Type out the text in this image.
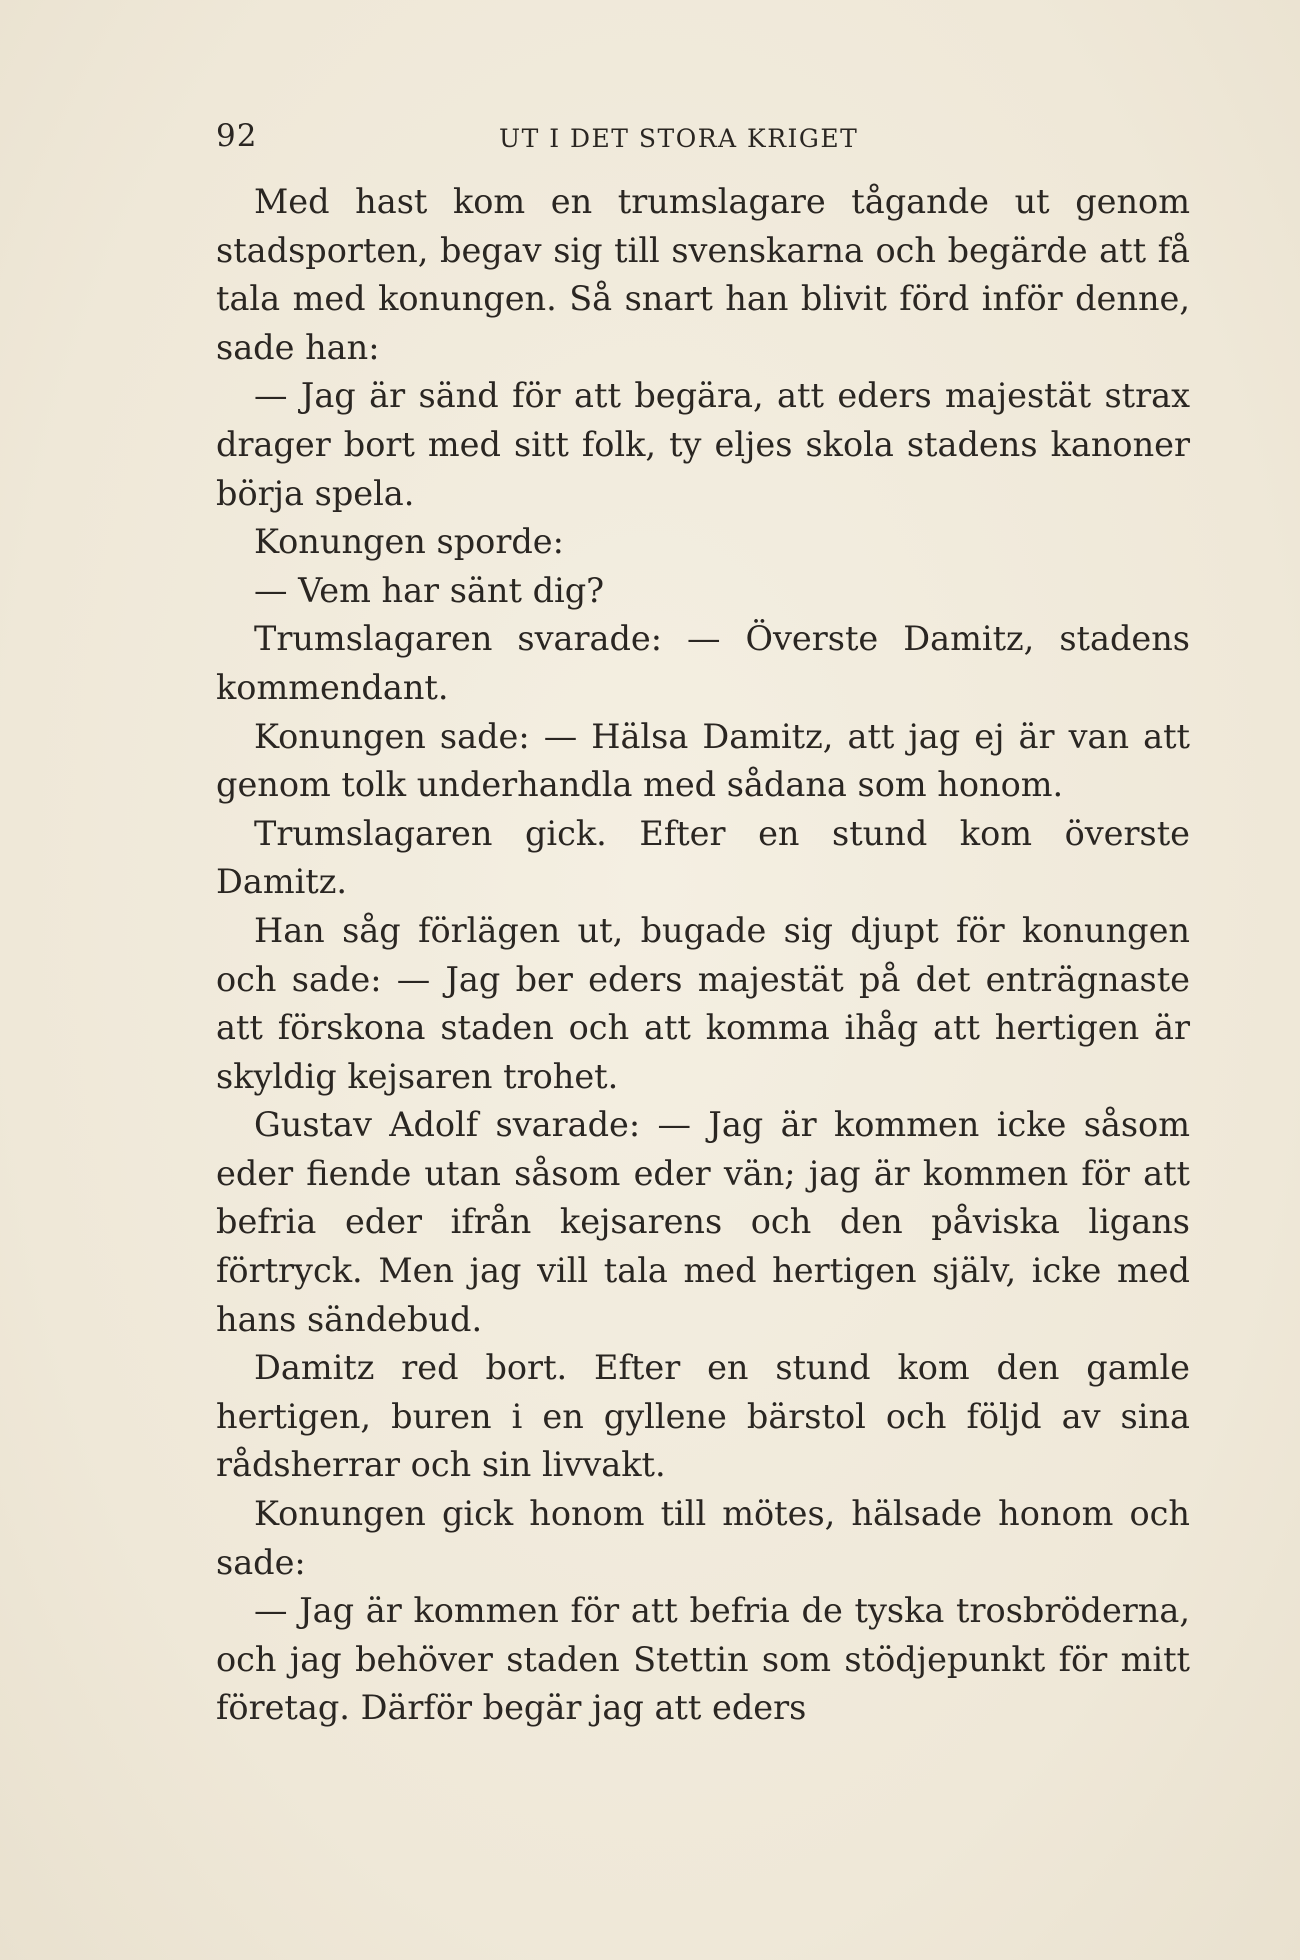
92	UT I DET STORA KRIGET

Med hast kom en trumslagare tågande ut genom stadsporten, begav sig till svenskarna och begärde att få tala med konungen. Så snart han blivit förd inför denne, sade han:

— Jag är sänd för att begära, att eders majestät strax drager bort med sitt folk, ty eljes skola stadens kanoner börja spela.

Konungen sporde:

— Vem har sänt dig?

Trumslagaren svarade: — Överste Damitz, stadens kommendant.

Konungen sade: — Hälsa Damitz, att jag ej är van att genom tolk underhandla med sådana som honom.

Trumslagaren gick. Efter en stund kom överste Damitz.

Han såg förlägen ut, bugade sig djupt för konungen och sade: — Jag ber eders majestät på det enträgnaste att förskona staden och att komma ihåg att hertigen är skyldig kejsaren trohet.

Gustav Adolf svarade: — Jag är kommen icke såsom eder fiende utan såsom eder vän; jag är kommen för att befria eder ifrån kejsarens och den påviska ligans förtryck. Men jag vill tala med hertigen själv, icke med hans sändebud.

Damitz red bort. Efter en stund kom den gamle hertigen, buren i en gyllene bärstol och följd av sina rådsherrar och sin livvakt.

Konungen gick honom till mötes, hälsade honom och sade:

— Jag är kommen för att befria de tyska trosbröderna, och jag behöver staden Stettin som stödjepunkt för mitt företag. Därför begär jag att eders
